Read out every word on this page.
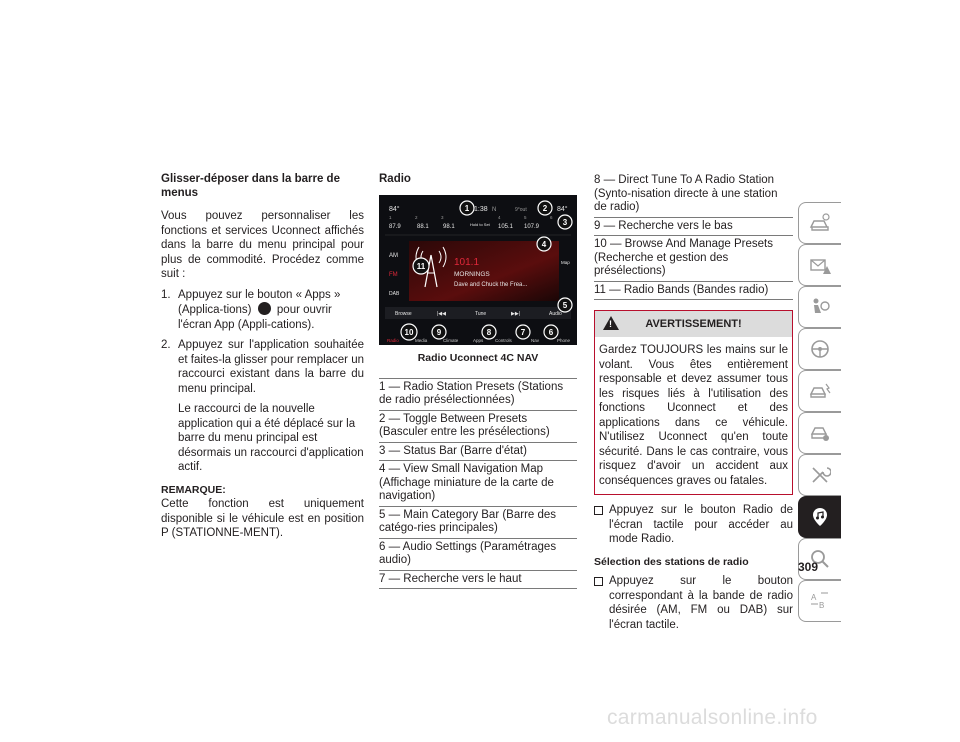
Glisser-déposer dans la barre de menus

Vous pouvez personnaliser les fonctions et services Uconnect affichés dans la barre du menu principal pour plus de commodité. Procédez comme suit :

1. Appuyez sur le bouton « Apps » (Applica-tions) pour ouvrir l'écran App (Appli-cations).
2. Appuyez sur l'application souhaitée et faites-la glisser pour remplacer un raccourci existant dans la barre du menu principal.

Le raccourci de la nouvelle application qui a été déplacé sur la barre du menu principal est désormais un raccourci d'application actif.

REMARQUE:

Cette fonction est uniquement disponible si le véhicule est en position P (STATIONNE-MENT).

Radio
84°	1:38 N	9°out	84°
1	2	3	4	5	6
87.9	88.1 98.1	Hold to Set 105.1 107.9
AM
FM
DAB
101.1
MORNINGS
Dave and Chuck the Frea...
Map
Browse	|◀◀	Tune	▶▶|	Audio
Radio	Media	Climate	Apps	Controls	Nav	Phone
1	2
3
4
5
6
7
8
9
10
11
Radio Uconnect 4C NAV
1 — Radio Station Presets (Stations de radio présélectionnées)
2 — Toggle Between Presets (Basculer entre les présélections)
3 — Status Bar (Barre d'état)
4 — View Small Navigation Map (Affichage miniature de la carte de navigation)
5 — Main Category Bar (Barre des catégo-ries principales)
6 — Audio Settings (Paramétrages audio)
7 — Recherche vers le haut
8 — Direct Tune To A Radio Station (Synto-nisation directe à une station de radio)
9 — Recherche vers le bas
10 — Browse And Manage Presets (Recherche et gestion des présélections)
11 — Radio Bands (Bandes radio)
!	AVERTISSEMENT!
Gardez TOUJOURS les mains sur le volant. Vous êtes entièrement responsable et devez assumer tous les risques liés à l'utilisation des fonctions Uconnect et des applications dans ce véhicule. N'utilisez Uconnect qu'en toute sécurité. Dans le cas contraire, vous risquez d'avoir un accident aux conséquences graves ou fatales.
Appuyez sur le bouton Radio de l'écran tactile pour accéder au mode Radio.
Sélection des stations de radio
Appuyez sur le bouton correspondant à la bande de radio désirée (AM, FM ou DAB) sur l'écran tactile.
A
B
309
carmanualsonline.info
